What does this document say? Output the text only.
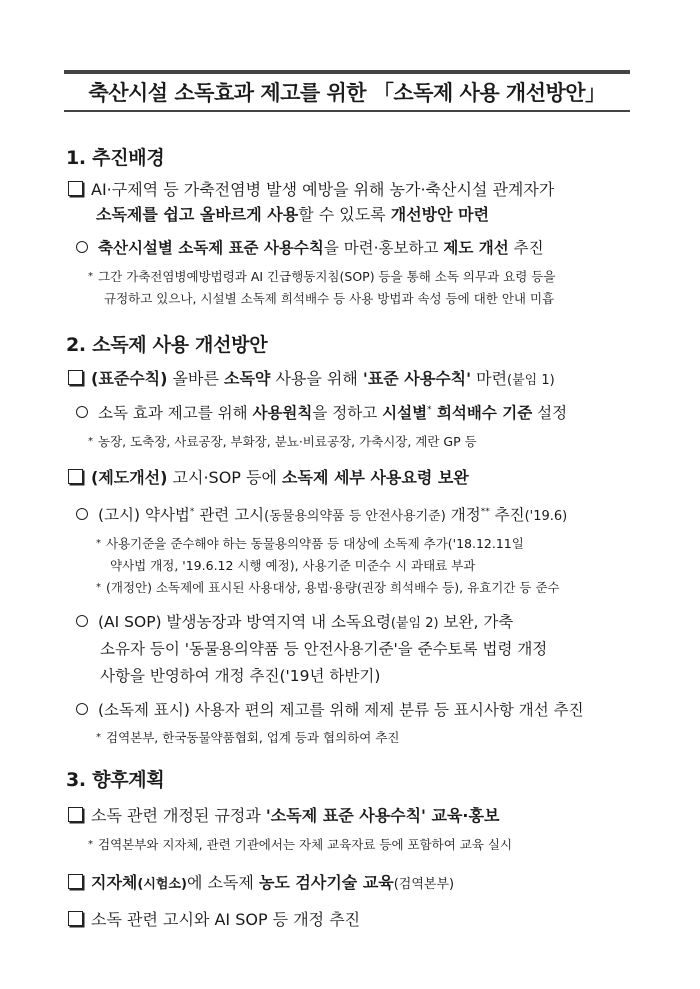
축산시설 소독효과 제고를 위한 「소독제 사용 개선방안」
1. 추진배경
AI·구제역 등 가축전염병 발생 예방을 위해 농가·축산시설 관계자가
소독제를 쉽고 올바르게 사용할 수 있도록 개선방안 마련
축산시설별 소독제 표준 사용수칙을 마련·홍보하고 제도 개선 추진
* 그간 가축전염병예방법령과 AI 긴급행동지침(SOP) 등을 통해 소독 의무과 요령 등을
규정하고 있으나, 시설별 소독제 희석배수 등 사용 방법과 속성 등에 대한 안내 미흡
2. 소독제 사용 개선방안
(표준수칙) 올바른 소독약 사용을 위해 '표준 사용수칙' 마련(붙임 1)
소독 효과 제고를 위해 사용원칙을 정하고 시설별* 희석배수 기준 설정
* 농장, 도축장, 사료공장, 부화장, 분뇨·비료공장, 가축시장, 계란 GP 등
(제도개선) 고시·SOP 등에 소독제 세부 사용요령 보완
(고시) 약사법* 관련 고시(동물용의약품 등 안전사용기준) 개정** 추진('19.6)
* 사용기준을 준수해야 하는 동물용의약품 등 대상에 소독제 추가('18.12.11일
약사법 개정, '19.6.12 시행 예정), 사용기준 미준수 시 과태료 부과
* (개정안) 소독제에 표시된 사용대상, 용법·용량(권장 희석배수 등), 유효기간 등 준수
(AI SOP) 발생농장과 방역지역 내 소독요령(붙임 2) 보완, 가축
소유자 등이 '동물용의약품 등 안전사용기준'을 준수토록 법령 개정
사항을 반영하여 개정 추진('19년 하반기)
(소독제 표시) 사용자 편의 제고를 위해 제제 분류 등 표시사항 개선 추진
* 검역본부, 한국동물약품협회, 업계 등과 협의하여 추진
3. 향후계획
소독 관련 개정된 규정과 '소독제 표준 사용수칙' 교육·홍보
* 검역본부와 지자체, 관련 기관에서는 자체 교육자료 등에 포함하여 교육 실시
지자체(시험소)에 소독제 농도 검사기술 교육(검역본부)
소독 관련 고시와 AI SOP 등 개정 추진
